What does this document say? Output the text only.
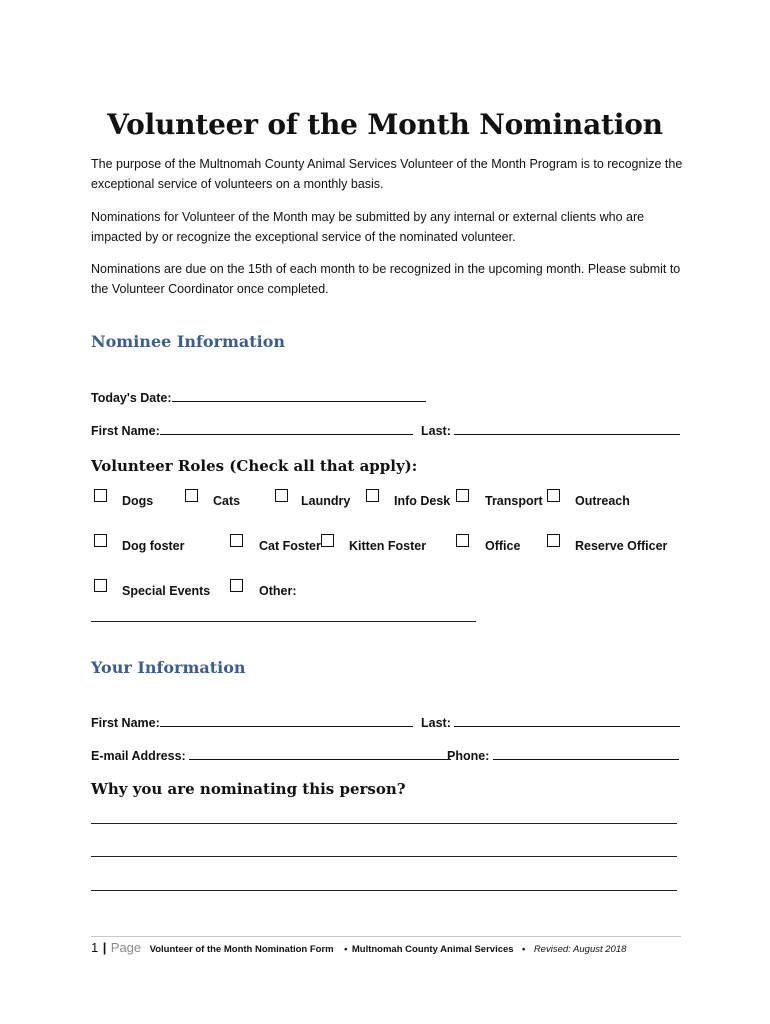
Volunteer of the Month Nomination
The purpose of the Multnomah County Animal Services Volunteer of the Month Program is to recognize the exceptional service of volunteers on a monthly basis.
Nominations for Volunteer of the Month may be submitted by any internal or external clients who are impacted by or recognize the exceptional service of the nominated volunteer.
Nominations are due on the 15th of each month to be recognized in the upcoming month. Please submit to the Volunteer Coordinator once completed.
Nominee Information
Today's Date:
First Name:	Last:
Volunteer Roles (Check all that apply):
Dogs	Cats	Laundry	Info Desk	Transport	Outreach
Dog foster	Cat Foster Kitten Foster	Office	Reserve Officer
Special Events	Other:
Your Information
First Name:	Last:
E-mail Address:	Phone:
Why you are nominating this person?
1 | Page Volunteer of the Month Nomination Form • Multnomah County Animal Services • Revised: August 2018
